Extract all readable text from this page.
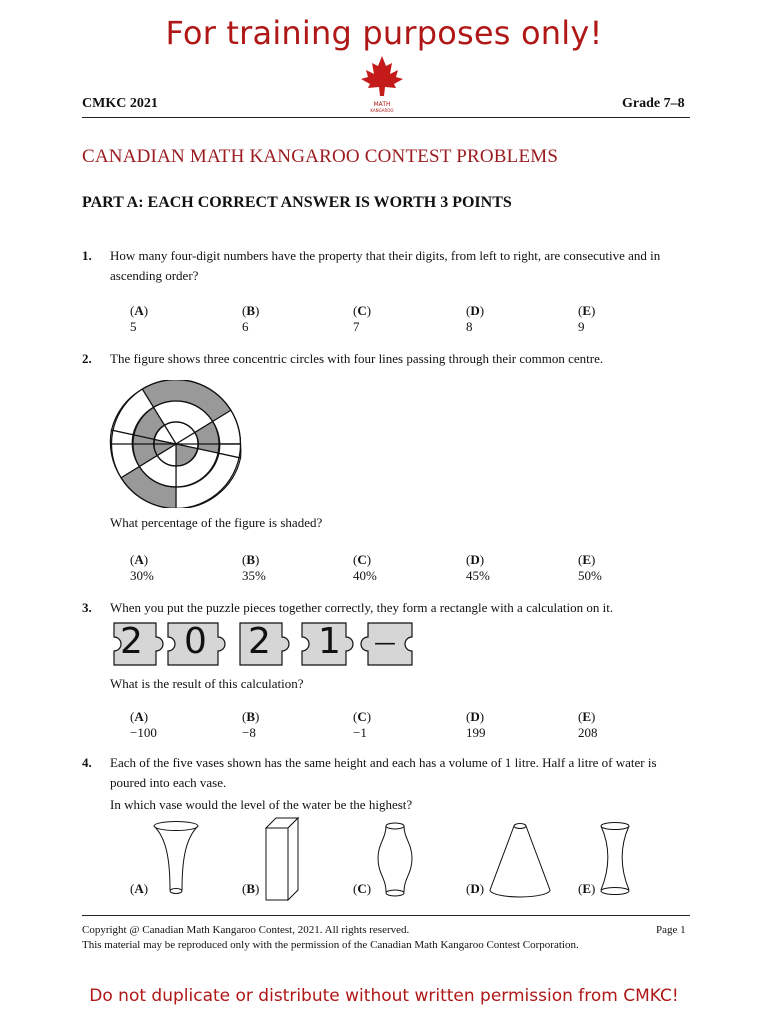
For training purposes only!
Do not duplicate or distribute without written permission from CMKC!
CMKC 2021	Grade 7–8
MATH
KANGAROO
CANADIAN MATH KANGAROO CONTEST PROBLEMS
PART A: EACH CORRECT ANSWER IS WORTH 3 POINTS
1. How many four-digit numbers have the property that their digits, from left to right, are consecutive and in ascending order?
(A) 5
(B) 6
(C) 7
(D) 8
(E) 9
2. The figure shows three concentric circles with four lines passing through their common centre.
What percentage of the figure is shaded?
(A) 30%
(B) 35%
(C) 40%
(D) 45%
(E) 50%
3. When you put the puzzle pieces together correctly, they form a rectangle with a calculation on it.
2 0 2 1 —
What is the result of this calculation?
(A) −100
(B) −8
(C) −1
(D) 199
(E) 208
4. Each of the five vases shown has the same height and each has a volume of 1 litre. Half a litre of water is poured into each vase.
In which vase would the level of the water be the highest?
(A)	(B)	(C)	(D)	(E)
Copyright @ Canadian Math Kangaroo Contest, 2021. All rights reserved.	Page 1
This material may be reproduced only with the permission of the Canadian Math Kangaroo Contest Corporation.
